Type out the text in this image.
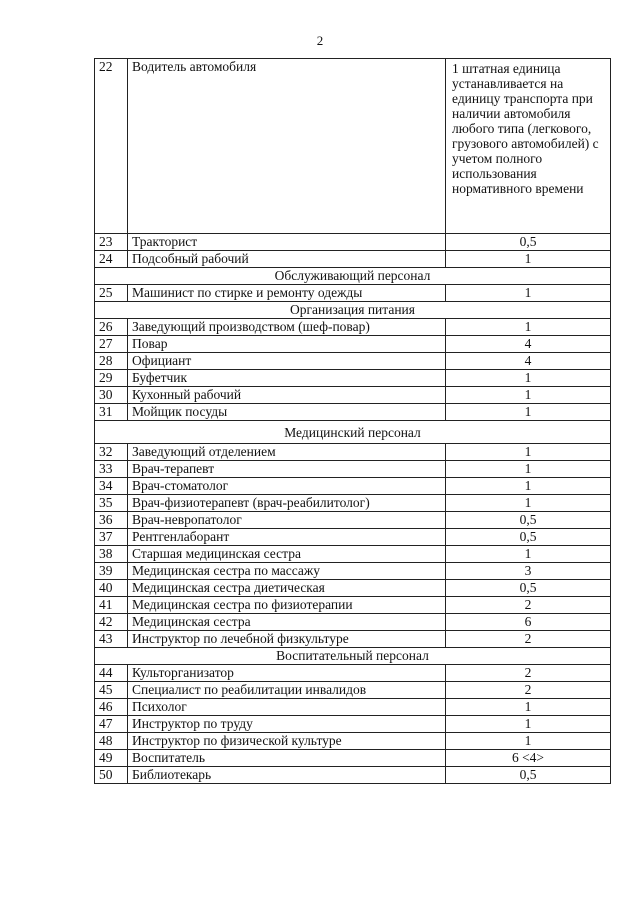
2
22	Водитель автомобиля	1 штатная единица устанавливается на единицу транспорта при наличии автомобиля любого типа (легкового, грузового автомобилей) с учетом полного использования нормативного времени
23	Тракторист	0,5
24	Подсобный рабочий	1
Обслуживающий персонал		
25	Машинист по стирке и ремонту одежды	1
Организация питания		
26	Заведующий производством (шеф-повар)	1
27	Повар	4
28	Официант	4
29	Буфетчик	1
30	Кухонный рабочий	1
31	Мойщик посуды	1
Медицинский персонал		
32	Заведующий отделением	1
33	Врач-терапевт	1
34	Врач-стоматолог	1
35	Врач-физиотерапевт (врач-реабилитолог)	1
36	Врач-невропатолог	0,5
37	Рентгенлаборант	0,5
38	Старшая медицинская сестра	1
39	Медицинская сестра по массажу	3
40	Медицинская сестра диетическая	0,5
41	Медицинская сестра по физиотерапии	2
42	Медицинская сестра	6
43	Инструктор по лечебной физкультуре	2
Воспитательный персонал		
44	Культорганизатор	2
45	Специалист по реабилитации инвалидов	2
46	Психолог	1
47	Инструктор по труду	1
48	Инструктор по физической культуре	1
49	Воспитатель	6 <4>
50	Библиотекарь	0,5
